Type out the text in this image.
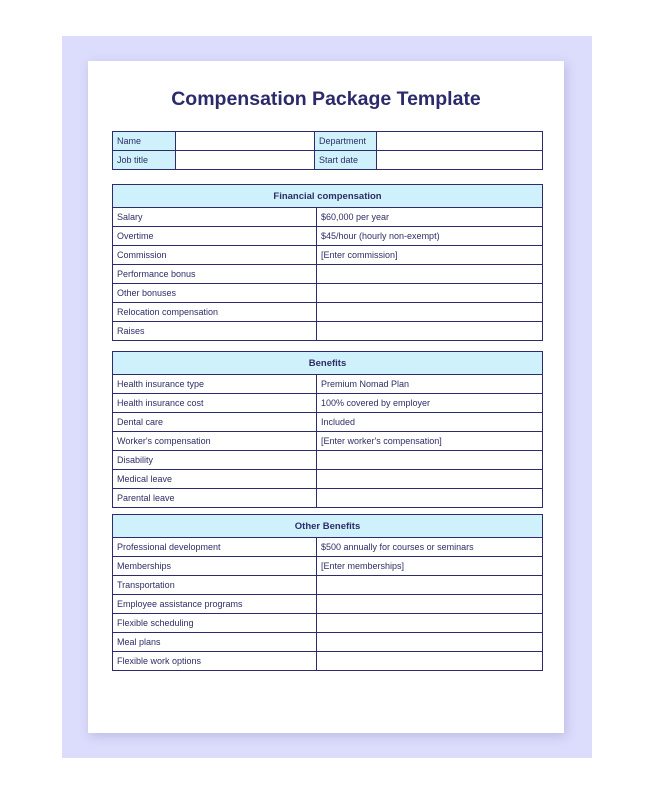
Compensation Package Template
Name		Department	
Job title		Start date	
Financial compensation	
Salary	$60,000 per year
Overtime	$45/hour (hourly non-exempt)
Commission	[Enter commission]
Performance bonus	
Other bonuses	
Relocation compensation	
Raises	
Benefits	
Health insurance type	Premium Nomad Plan
Health insurance cost	100% covered by employer
Dental care	Included
Worker's compensation	[Enter worker's compensation]
Disability	
Medical leave	
Parental leave	
Other Benefits	
Professional development	$500 annually for courses or seminars
Memberships	[Enter memberships]
Transportation	
Employee assistance programs	
Flexible scheduling	
Meal plans	
Flexible work options	
